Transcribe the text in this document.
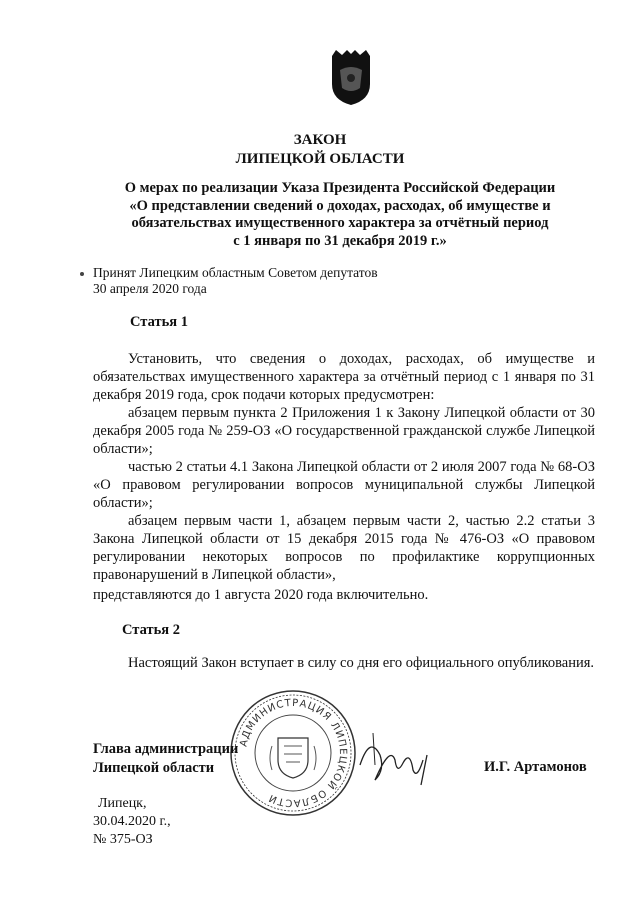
ЗАКОН
ЛИПЕЦКОЙ ОБЛАСТИ
О мерах по реализации Указа Президента Российской Федерации
«О представлении сведений о доходах, расходах, об имуществе и
обязательствах имущественного характера за отчётный период
с 1 января по 31 декабря 2019 г.»
Принят Липецким областным Советом депутатов
30 апреля 2020 года
Статья 1

Установить, что сведения о доходах, расходах, об имуществе и обязательствах имущественного характера за отчётный период с 1 января по 31 декабря 2019 года, срок подачи которых предусмотрен:

абзацем первым пункта 2 Приложения 1 к Закону Липецкой области от 30 декабря 2005 года № 259-ОЗ «О государственной гражданской службе Липецкой области»;

частью 2 статьи 4.1 Закона Липецкой области от 2 июля 2007 года № 68-ОЗ «О правовом регулировании вопросов муниципальной службы Липецкой области»;

абзацем первым части 1, абзацем первым части 2, частью 2.2 статьи 3 Закона Липецкой области от 15 декабря 2015 года № 476-ОЗ «О правовом регулировании некоторых вопросов по профилактике коррупционных правонарушений в Липецкой области»,

представляются до 1 августа 2020 года включительно.

Статья 2

Настоящий Закон вступает в силу со дня его официального опубликования.

АДМИНИСТРАЦИЯ ЛИПЕЦКОЙ ОБЛАСТИ
Глава администрации
Липецкой области	И.Г. Артамонов
Липецк,
30.04.2020 г.,
№ 375-ОЗ
